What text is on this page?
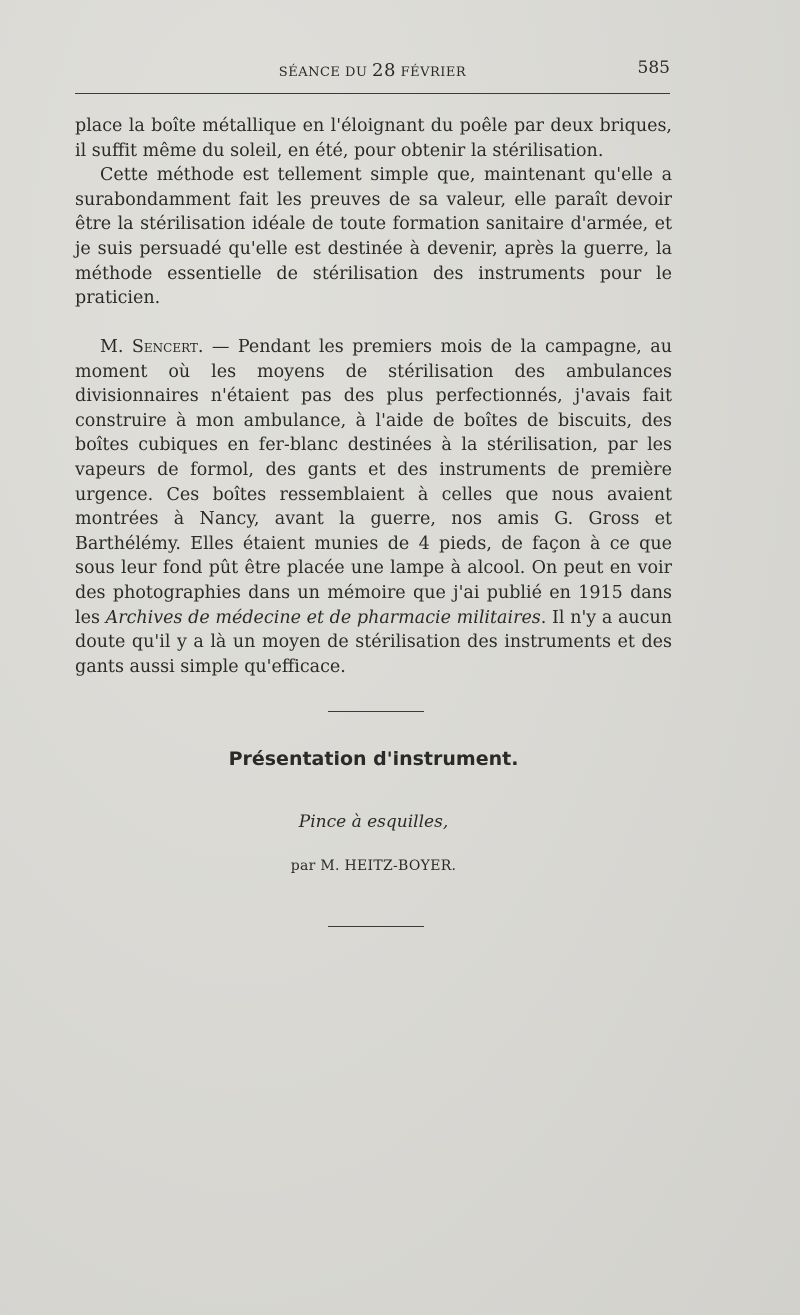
SÉANCE DU 28 FÉVRIER	585

place la boîte métallique en l'éloignant du poêle par deux briques, il suffit même du soleil, en été, pour obtenir la stérilisation.

Cette méthode est tellement simple que, maintenant qu'elle a surabondamment fait les preuves de sa valeur, elle paraît devoir être la stérilisation idéale de toute formation sanitaire d'armée, et je suis persuadé qu'elle est destinée à devenir, après la guerre, la méthode essentielle de stérilisation des instruments pour le praticien.

M. Sencert. — Pendant les premiers mois de la campagne, au moment où les moyens de stérilisation des ambulances divisionnaires n'étaient pas des plus perfectionnés, j'avais fait construire à mon ambulance, à l'aide de boîtes de biscuits, des boîtes cubiques en fer-blanc destinées à la stérilisation, par les vapeurs de formol, des gants et des instruments de première urgence. Ces boîtes ressemblaient à celles que nous avaient montrées à Nancy, avant la guerre, nos amis G. Gross et Barthélémy. Elles étaient munies de 4 pieds, de façon à ce que sous leur fond pût être placée une lampe à alcool. On peut en voir des photographies dans un mémoire que j'ai publié en 1915 dans les Archives de médecine et de pharmacie militaires. Il n'y a aucun doute qu'il y a là un moyen de stérilisation des instruments et des gants aussi simple qu'efficace.

Présentation d'instrument.
Pince à esquilles,
par M. HEITZ-BOYER.
